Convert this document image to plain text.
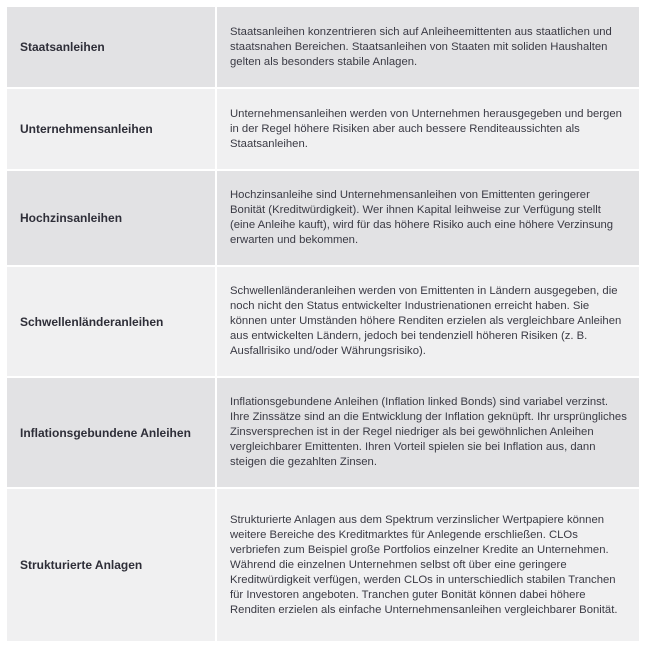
Staatsanleihen
Staatsanleihen konzentrieren sich auf Anleiheemittenten aus staatlichen und staatsnahen Bereichen. Staatsanleihen von Staaten mit soliden Haushalten gelten als besonders stabile Anlagen.
Unternehmensanleihen
Unternehmensanleihen werden von Unternehmen herausgegeben und bergen in der Regel höhere Risiken aber auch bessere Renditeaussichten als Staatsanleihen.
Hochzinsanleihen
Hochzinsanleihe sind Unternehmensanleihen von Emittenten geringerer Bonität (Kreditwürdigkeit). Wer ihnen Kapital leihweise zur Verfügung stellt (eine Anleihe kauft), wird für das höhere Risiko auch eine höhere Verzinsung erwarten und bekommen.
Schwellenländeranleihen
Schwellenländeranleihen werden von Emittenten in Ländern ausgegeben, die noch nicht den Status entwickelter Industrienationen erreicht haben. Sie können unter Umständen höhere Renditen erzielen als vergleichbare Anleihen aus entwickelten Ländern, jedoch bei tendenziell höheren Risiken (z. B. Ausfallrisiko und/oder Währungsrisiko).
Inflationsgebundene Anleihen
Inflationsgebundene Anleihen (Inflation linked Bonds) sind variabel verzinst. Ihre Zinssätze sind an die Entwicklung der Inflation geknüpft. Ihr ursprüngliches Zinsversprechen ist in der Regel niedriger als bei gewöhnlichen Anleihen vergleichbarer Emittenten. Ihren Vorteil spielen sie bei Inflation aus, dann steigen die gezahlten Zinsen.
Strukturierte Anlagen
Strukturierte Anlagen aus dem Spektrum verzinslicher Wertpapiere können weitere Bereiche des Kreditmarktes für Anlegende erschließen. CLOs verbriefen zum Beispiel große Portfolios einzelner Kredite an Unternehmen. Während die einzelnen Unternehmen selbst oft über eine geringere Kreditwürdigkeit verfügen, werden CLOs in unterschiedlich stabilen Tranchen für Investoren angeboten. Tranchen guter Bonität können dabei höhere Renditen erzielen als einfache Unternehmensanleihen vergleichbarer Bonität.
